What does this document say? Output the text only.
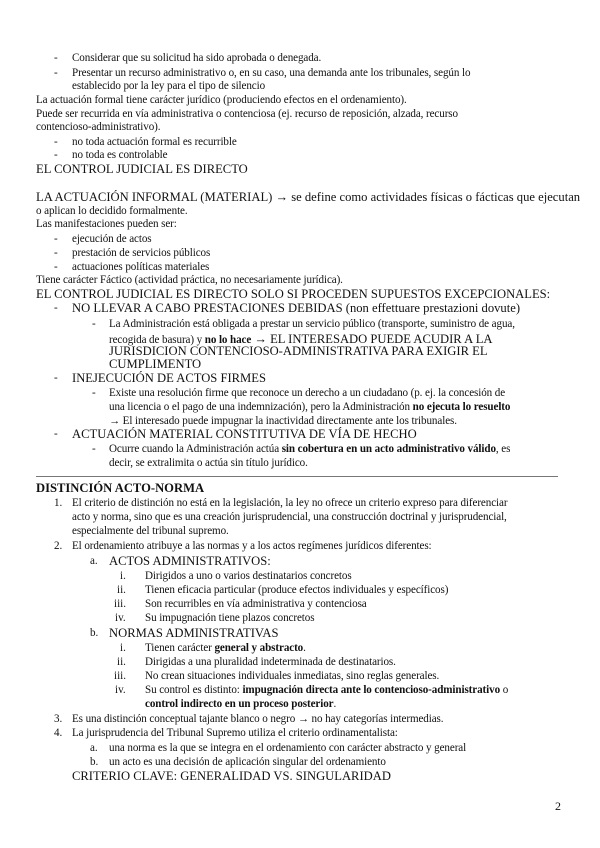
- Considerar que su solicitud ha sido aprobada o denegada.
- Presentar un recurso administrativo o, en su caso, una demanda ante los tribunales, según lo
establecido por la ley para el tipo de silencio
La actuación formal tiene carácter jurídico (produciendo efectos en el ordenamiento).
Puede ser recurrida en vía administrativa o contenciosa (ej. recurso de reposición, alzada, recurso
contencioso-administrativo).
- no toda actuación formal es recurrible
- no toda es controlable
EL CONTROL JUDICIAL ES DIRECTO
LA ACTUACIÓN INFORMAL (MATERIAL) → se define como actividades físicas o fácticas que ejecutan
o aplican lo decidido formalmente.
Las manifestaciones pueden ser:
- ejecución de actos
- prestación de servicios públicos
- actuaciones políticas materiales
Tiene carácter Fáctico (actividad práctica, no necesariamente jurídica).
EL CONTROL JUDICIAL ES DIRECTO SOLO SI PROCEDEN SUPUESTOS EXCEPCIONALES:
- NO LLEVAR A CABO PRESTACIONES DEBIDAS (non effettuare prestazioni dovute)
- La Administración está obligada a prestar un servicio público (transporte, suministro de agua,
recogida de basura) y no lo hace → EL INTERESADO PUEDE ACUDIR A LA
JURISDICION CONTENCIOSO-ADMINISTRATIVA PARA EXIGIR EL
CUMPLIMENTO
- INEJECUCIÓN DE ACTOS FIRMES
- Existe una resolución firme que reconoce un derecho a un ciudadano (p. ej. la concesión de
una licencia o el pago de una indemnización), pero la Administración no ejecuta lo resuelto
→ El interesado puede impugnar la inactividad directamente ante los tribunales.
- ACTUACIÓN MATERIAL CONSTITUTIVA DE VÍA DE HECHO
- Ocurre cuando la Administración actúa sin cobertura en un acto administrativo válido, es
decir, se extralimita o actúa sin título jurídico.
DISTINCIÓN ACTO-NORMA
1. El criterio de distinción no está en la legislación, la ley no ofrece un criterio expreso para diferenciar
acto y norma, sino que es una creación jurisprudencial, una construcción doctrinal y jurisprudencial,
especialmente del tribunal supremo.
2. El ordenamiento atribuye a las normas y a los actos regímenes jurídicos diferentes:
a. ACTOS ADMINISTRATIVOS:
i. Dirigidos a uno o varios destinatarios concretos
ii. Tienen eficacia particular (produce efectos individuales y específicos)
iii. Son recurribles en vía administrativa y contenciosa
iv. Su impugnación tiene plazos concretos
b. NORMAS ADMINISTRATIVAS
i. Tienen carácter general y abstracto.
ii. Dirigidas a una pluralidad indeterminada de destinatarios.
iii. No crean situaciones individuales inmediatas, sino reglas generales.
iv. Su control es distinto: impugnación directa ante lo contencioso-administrativo o
control indirecto en un proceso posterior.
3. Es una distinción conceptual tajante blanco o negro → no hay categorías intermedias.
4. La jurisprudencia del Tribunal Supremo utiliza el criterio ordinamentalista:
a. una norma es la que se integra en el ordenamiento con carácter abstracto y general
b. un acto es una decisión de aplicación singular del ordenamiento
CRITERIO CLAVE: GENERALIDAD VS. SINGULARIDAD
2
